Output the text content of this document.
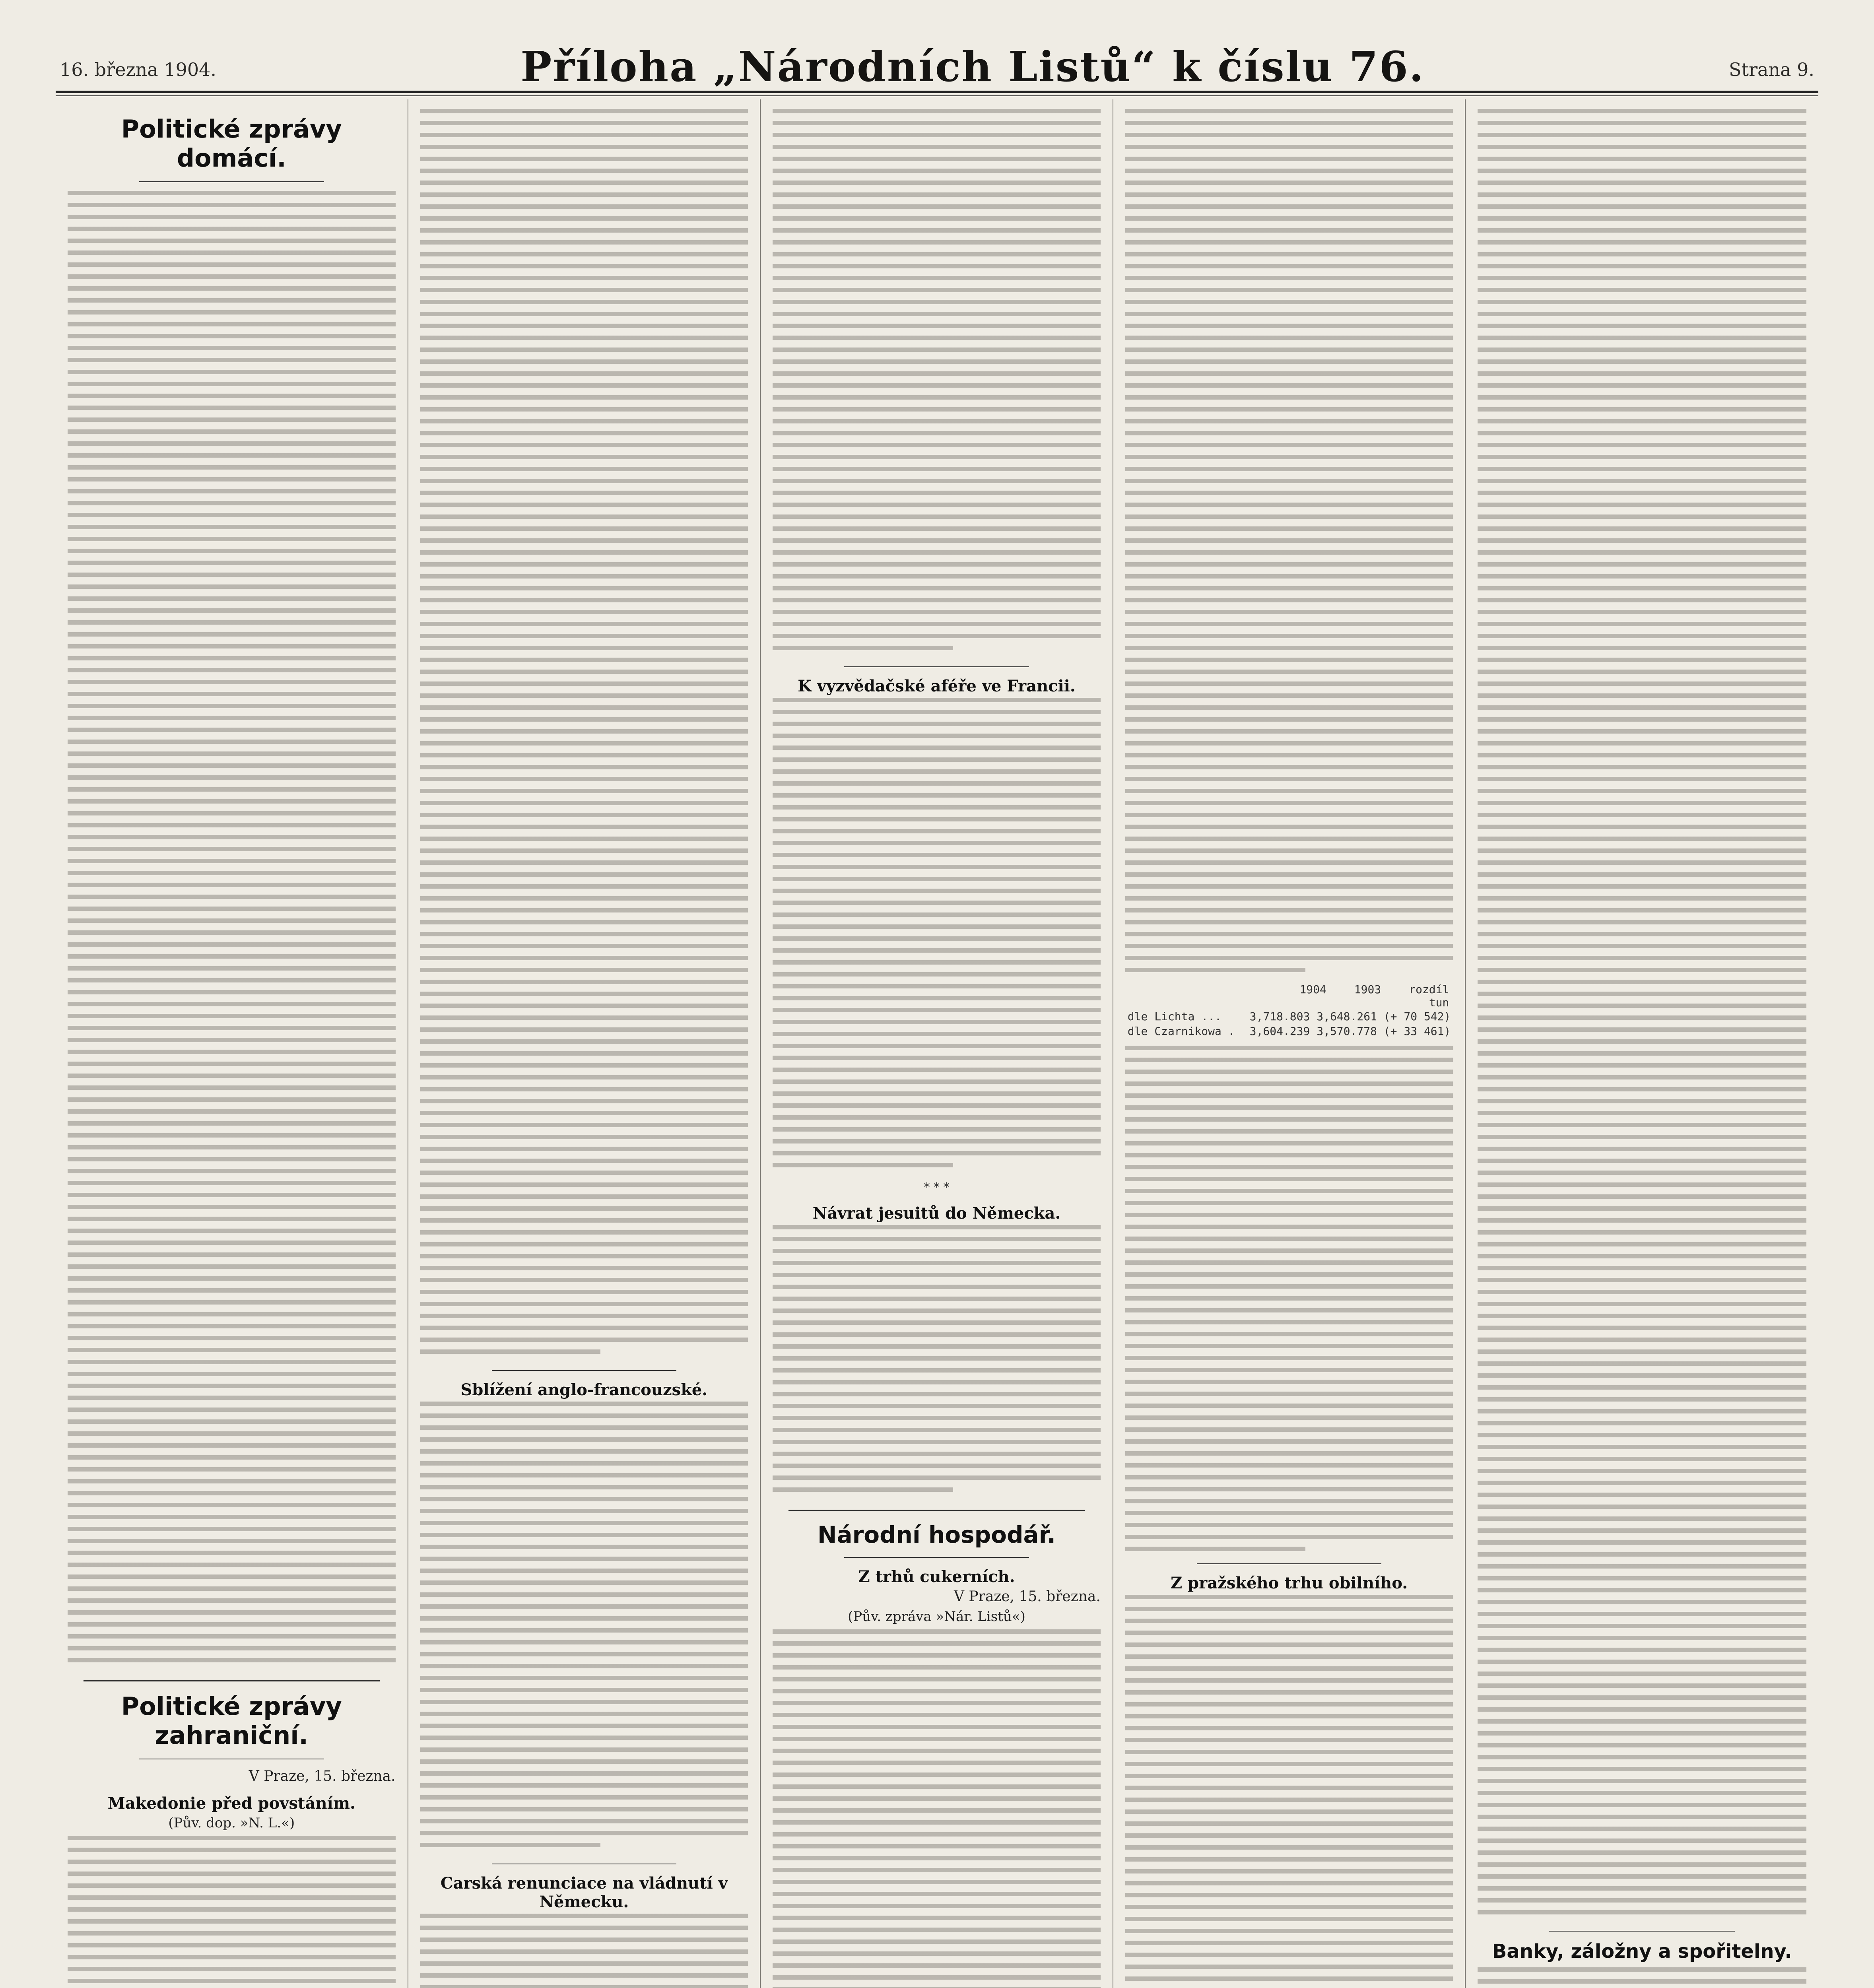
16. března 1904.	Příloha „Národních Listů“ k číslu 76.	Strana 9.
Politické zprávy domácí.
Politické zprávy zahraniční.
V Praze, 15. března.
Makedonie před povstáním.
(Pův. dop. »N. L.«)
Sblížení anglo-francouzské.
Carská renunciace na vládnutí v Německu.
K vyzvědačské aféře ve Francii.
* * *
Návrat jesuitů do Německa.
Národní hospodář.
Z trhů cukerních.
V Praze, 15. března.
(Pův. zpráva »Nár. Listů«)
1904	1903	rozdíl
tun
dle Lichta ...	3,718.803 3,648.261 (+ 70 542)
dle Czarnikowa . 3,604.239 3,570.778 (+ 33 461)
Z pražského trhu obilního.
Banky, záložny a spořitelny.
